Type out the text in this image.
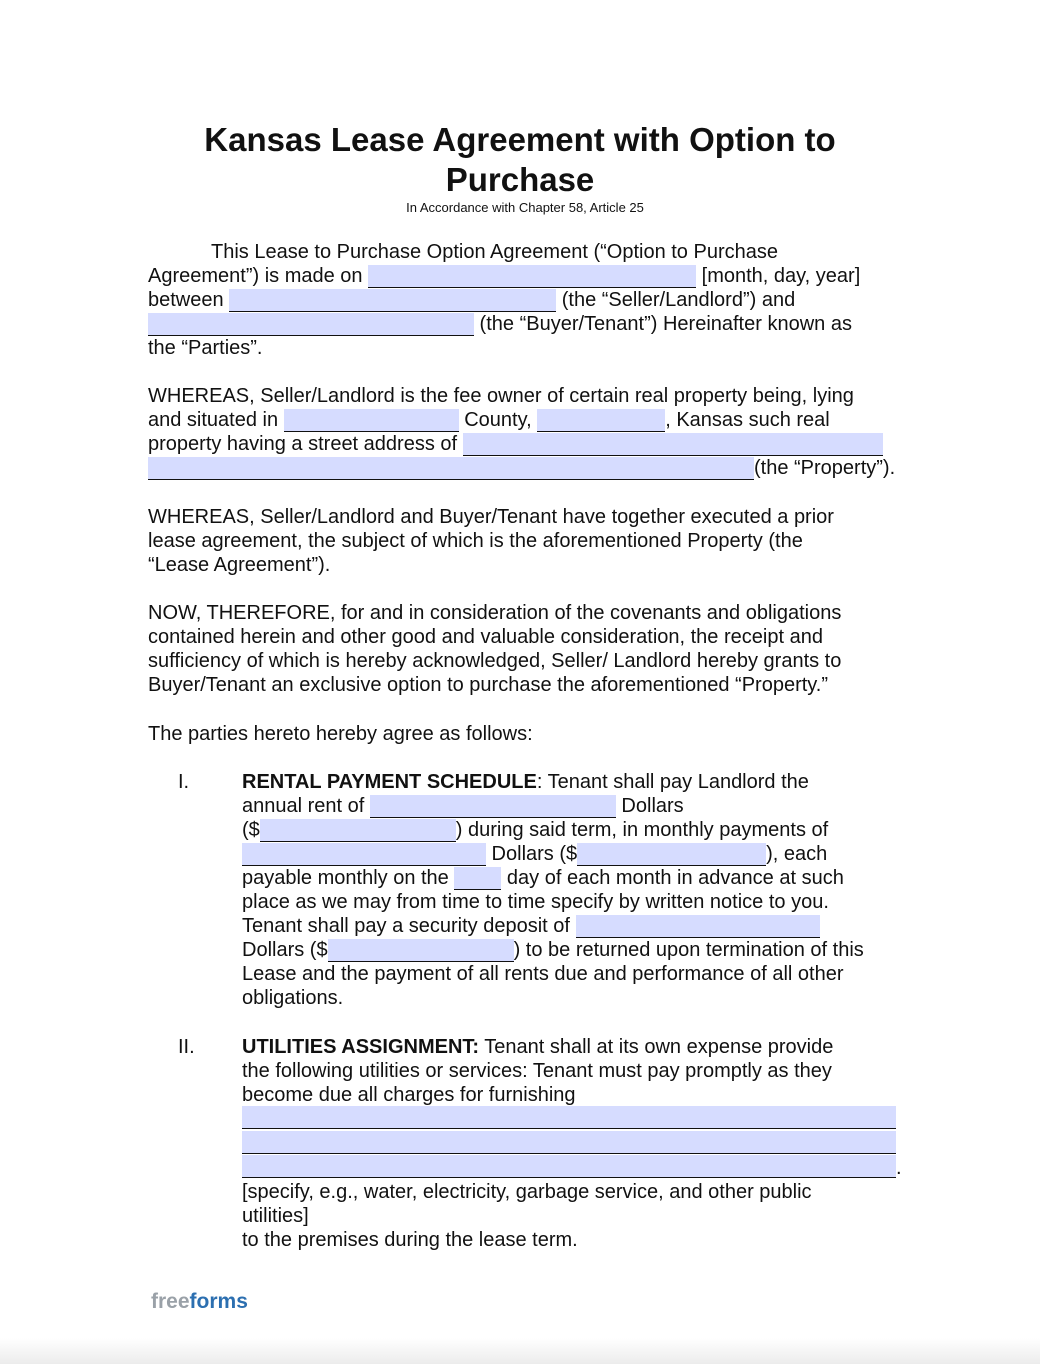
Kansas Lease Agreement with Option to
Purchase

In Accordance with Chapter 58, Article 25

This Lease to Purchase Option Agreement (“Option to Purchase
Agreement”) is made on	[month, day, year]
between	(the “Seller/Landlord”) and
(the “Buyer/Tenant”) Hereinafter known as
the “Parties”.
WHEREAS, Seller/Landlord is the fee owner of certain real property being, lying
and situated in	County,	, Kansas such real
property having a street address of
(the “Property”).
WHEREAS, Seller/Landlord and Buyer/Tenant have together executed a prior
lease agreement, the subject of which is the aforementioned Property (the
“Lease Agreement”).
NOW, THEREFORE, for and in consideration of the covenants and obligations
contained herein and other good and valuable consideration, the receipt and
sufficiency of which is hereby acknowledged, Seller/ Landlord hereby grants to
Buyer/Tenant an exclusive option to purchase the aforementioned “Property.”
The parties hereto hereby agree as follows:
I.	RENTAL PAYMENT SCHEDULE: Tenant shall pay Landlord the
annual rent of	Dollars
($	) during said term, in monthly payments of
Dollars ($	), each
payable monthly on the  day of each month in advance at such
place as we may from time to time specify by written notice to you.
Tenant shall pay a security deposit of
Dollars ($	) to be returned upon termination of this
Lease and the payment of all rents due and performance of all other
obligations.
II. UTILITIES ASSIGNMENT: Tenant shall at its own expense provide
the following utilities or services: Tenant must pay promptly as they
become due all charges for furnishing
.
[specify, e.g., water, electricity, garbage service, and other public
utilities]
to the premises during the lease term.
freeforms
